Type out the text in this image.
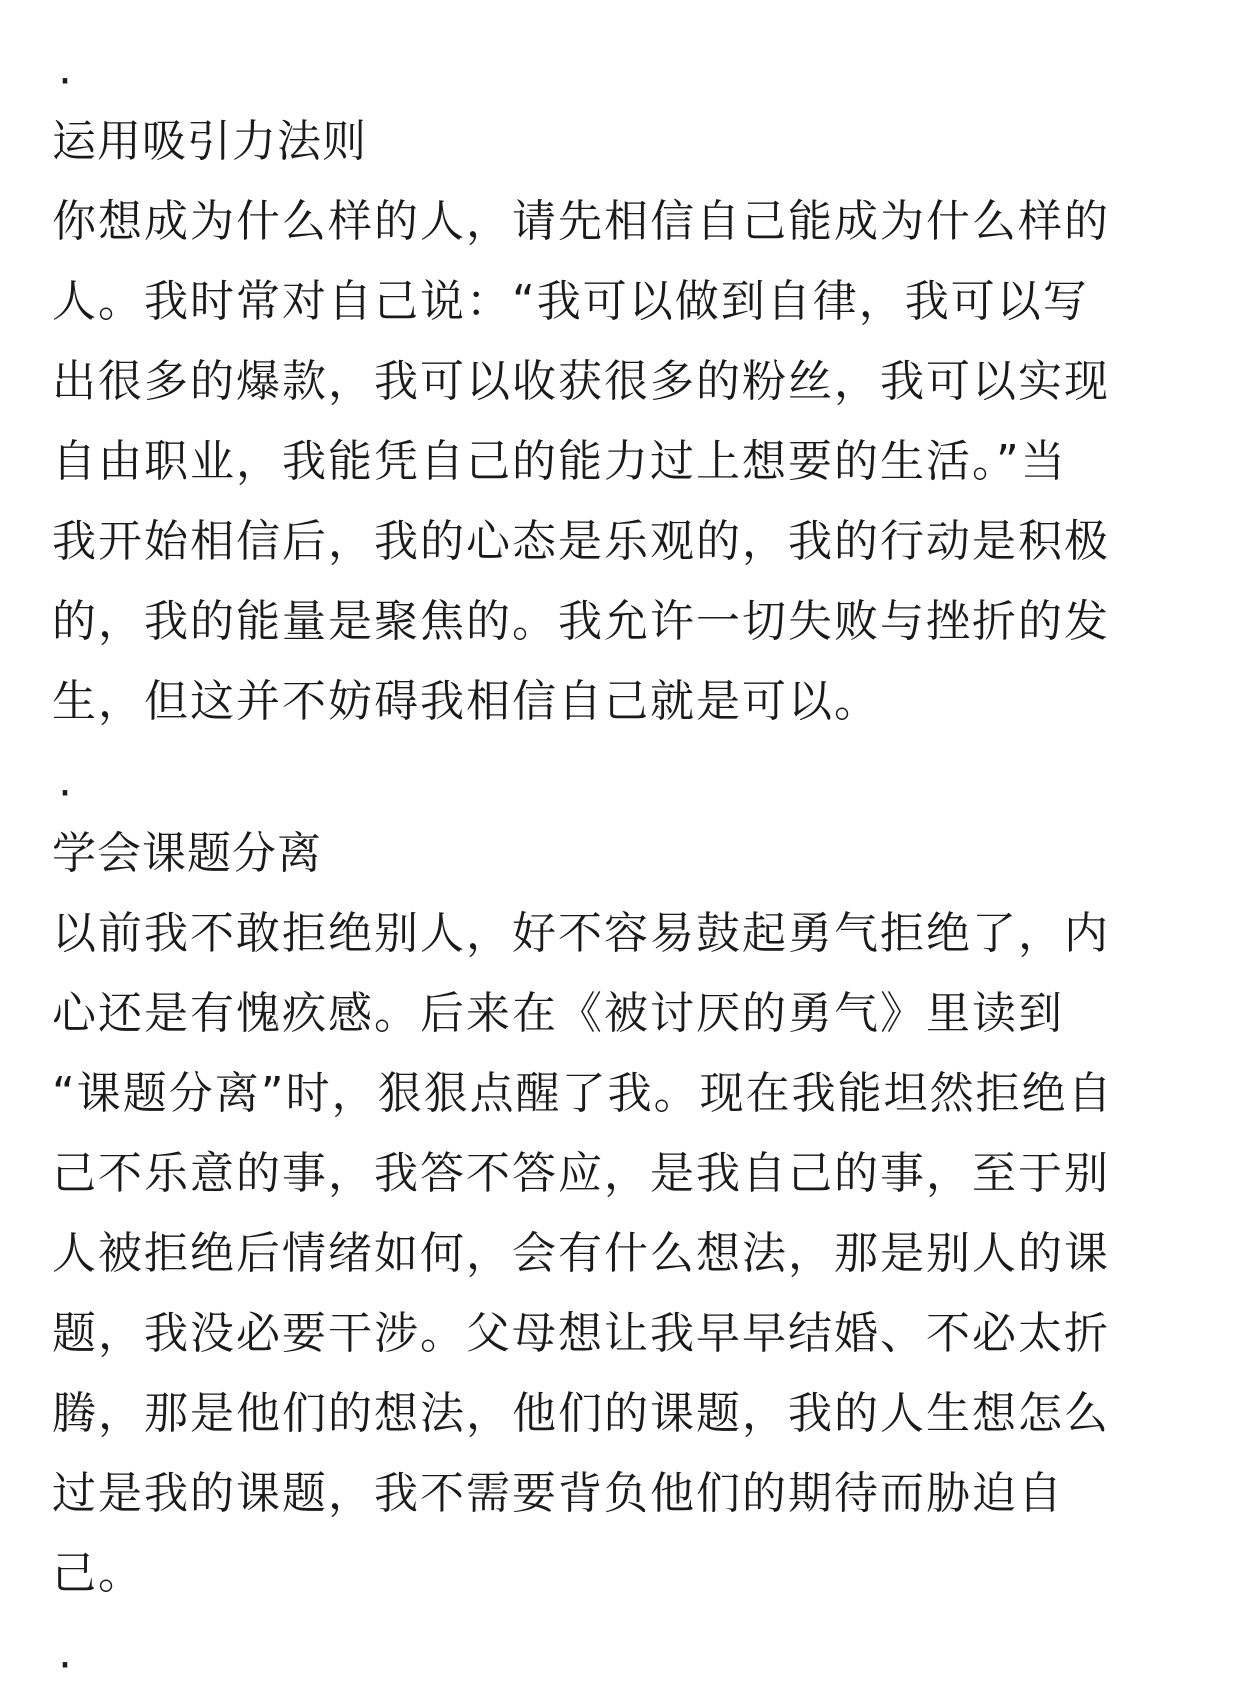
·
运用吸引力法则
你想成为什么样的人，请先相信自己能成为什么样的
人。我时常对自己说：“我可以做到自律，我可以写
出很多的爆款，我可以收获很多的粉丝，我可以实现
自由职业，我能凭自己的能力过上想要的生活。”当
我开始相信后，我的心态是乐观的，我的行动是积极
的，我的能量是聚焦的。我允许一切失败与挫折的发
生，但这并不妨碍我相信自己就是可以。
·
学会课题分离
以前我不敢拒绝别人，好不容易鼓起勇气拒绝了，内
心还是有愧疚感。后来在《被讨厌的勇气》里读到
“课题分离”时，狠狠点醒了我。现在我能坦然拒绝自
己不乐意的事，我答不答应，是我自己的事，至于别
人被拒绝后情绪如何，会有什么想法，那是别人的课
题，我没必要干涉。父母想让我早早结婚、不必太折
腾，那是他们的想法，他们的课题，我的人生想怎么
过是我的课题，我不需要背负他们的期待而胁迫自
己。
·
